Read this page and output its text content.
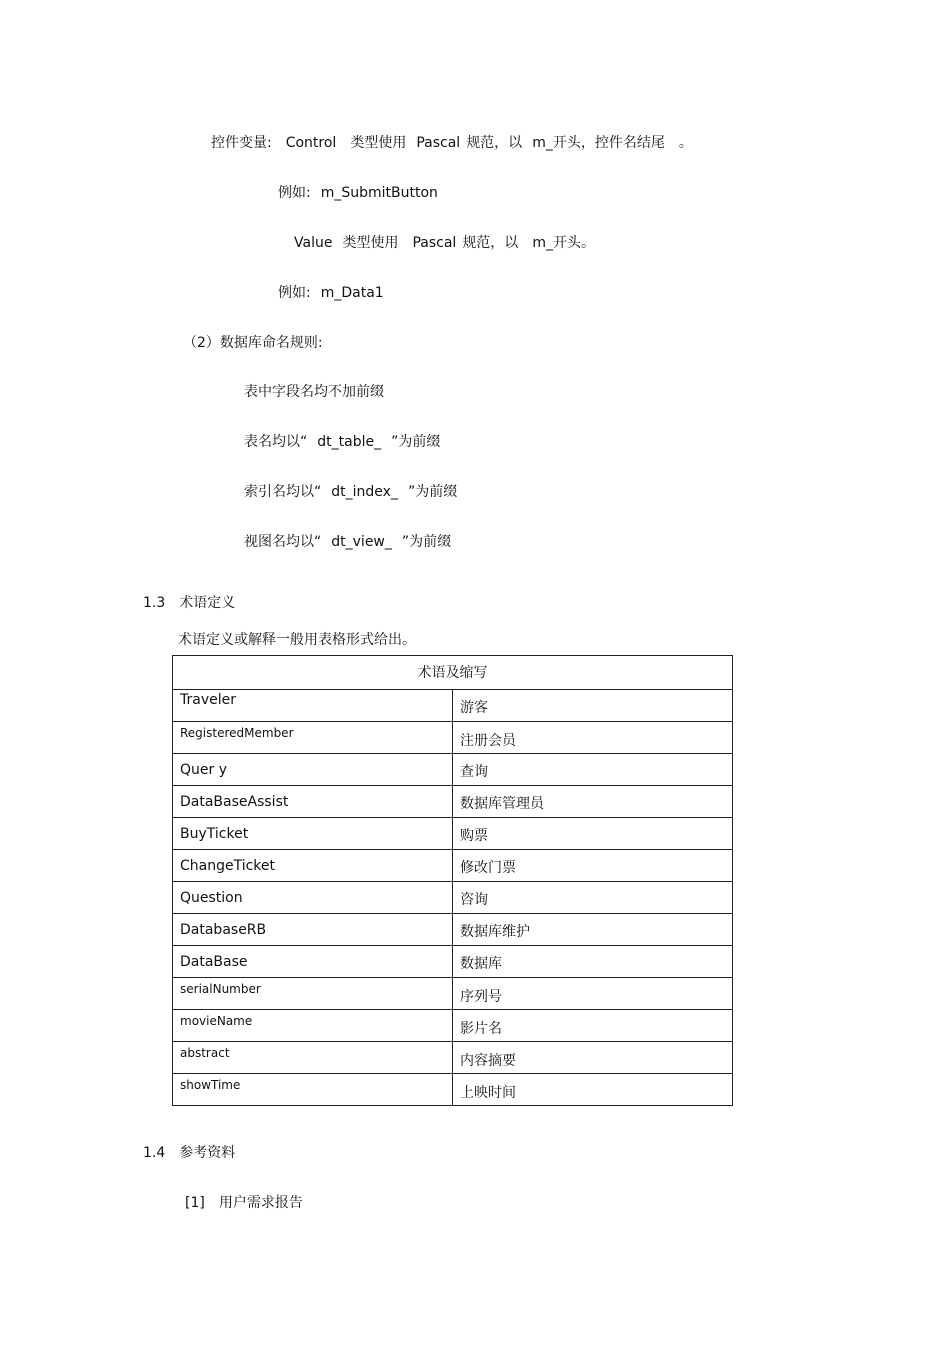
控件变量: Control 类型使用 Pascal 规范，以 m_开头，控件名结尾 。
例如: m_SubmitButton
Value 类型使用 Pascal 规范，以 m_开头。
例如: m_Data1
（2）数据库命名规则:
表中字段名均不加前缀
表名均以“ dt_table_ ”为前缀
索引名均以“ dt_index_ ”为前缀
视图名均以“ dt_view_ ”为前缀
1.3 术语定义
术语定义或解释一般用表格形式给出。
术语及缩写	
Traveler	游客
RegisteredMember	注册会员
Quer y	查询
DataBaseAssist	数据库管理员
BuyTicket	购票
ChangeTicket	修改门票
Question	咨询
DatabaseRB	数据库维护
DataBase	数据库
serialNumber	序列号
movieName	影片名
abstract	内容摘要
showTime	上映时间
1.4 参考资料
[1] 用户需求报告
